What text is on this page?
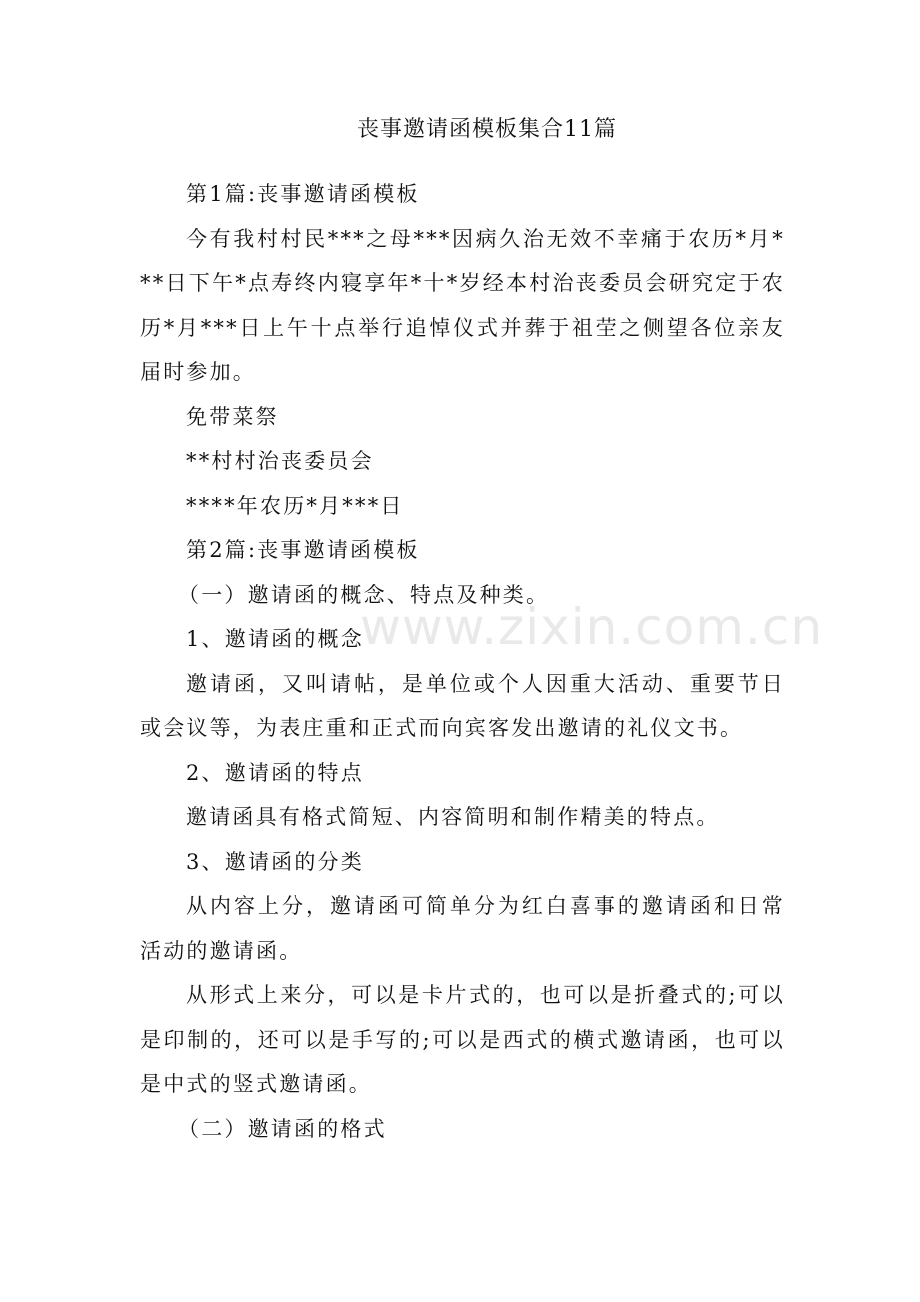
丧事邀请函模板集合11篇
www.zixin.com.cn

第1篇:丧事邀请函模板

今有我村村民***之母***因病久治无效不幸痛于农历*月***日下午*点寿终内寝享年*十*岁经本村治丧委员会研究定于农历*月***日上午十点举行追悼仪式并葬于祖茔之侧望各位亲友届时参加。

免带菜祭

**村村治丧委员会

****年农历*月***日

第2篇:丧事邀请函模板

（一）邀请函的概念、特点及种类。

1、邀请函的概念

邀请函，又叫请帖，是单位或个人因重大活动、重要节日或会议等，为表庄重和正式而向宾客发出邀请的礼仪文书。

2、邀请函的特点

邀请函具有格式简短、内容简明和制作精美的特点。

3、邀请函的分类

从内容上分，邀请函可简单分为红白喜事的邀请函和日常活动的邀请函。

从形式上来分，可以是卡片式的，也可以是折叠式的;可以是印制的，还可以是手写的;可以是西式的横式邀请函，也可以是中式的竖式邀请函。

（二）邀请函的格式
